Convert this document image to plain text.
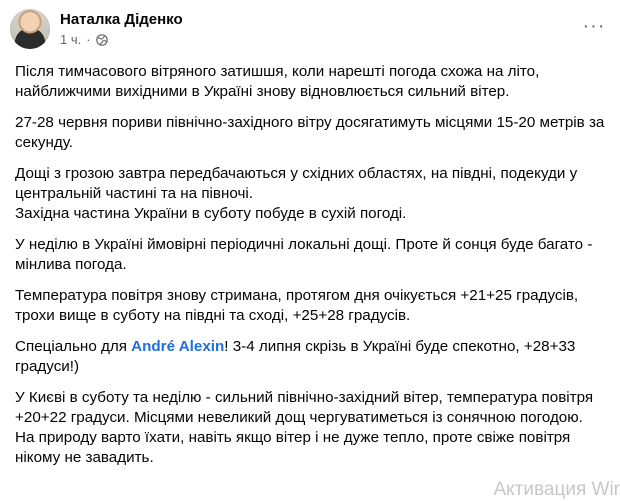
Наталка Діденко
1 ч. ·
···

Після тимчасового вітряного затишшя, коли нарешті погода схожа на літо, найближчими вихідними в Україні знову відновлюється сильний вітер.

27-28 червня пориви північно-західного вітру досягатимуть місцями 15-20 метрів за секунду.

Дощі з грозою завтра передбачаються у східних областях, на півдні, подекуди у центральній частині та на півночі.
Західна частина України в суботу побуде в сухій погоді.

У неділю в Україні ймовірні періодичні локальні дощі. Проте й сонця буде багато - мінлива погода.

Температура повітря знову стримана, протягом дня очікується +21+25 градусів, трохи вище в суботу на півдні та сході, +25+28 градусів.

Спеціально для André Alexin! 3-4 липня скрізь в Україні буде спекотно, +28+33 градуси!)

У Києві в суботу та неділю - сильний північно-західний вітер, температура повітря +20+22 градуси. Місцями невеликий дощ чергуватиметься із сонячною погодою.
На природу варто їхати, навіть якщо вітер і не дуже тепло, проте свіже повітря нікому не завадить.

Активация Wir
